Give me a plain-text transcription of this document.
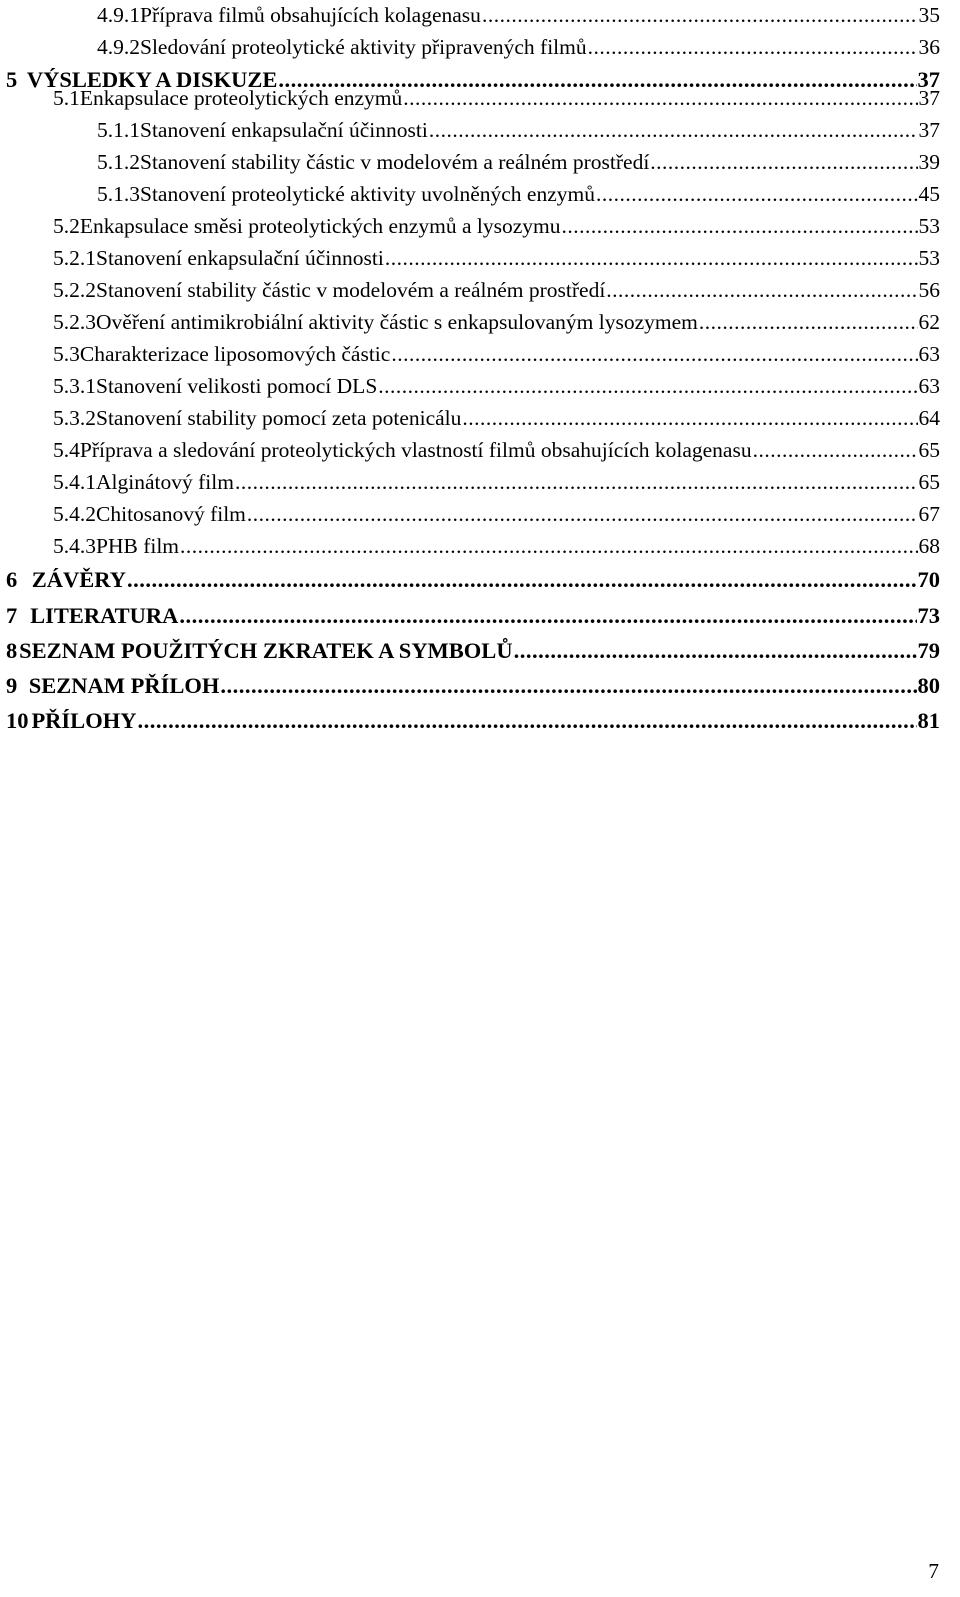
4.9.1 Příprava filmů obsahujících kolagenasu .....	35
4.9.2 Sledování proteolytické aktivity připravených filmů .....	36
5 VÝSLEDKY A DISKUZE .....	37
5.1 Enkapsulace proteolytických enzymů .....	37
5.1.1 Stanovení enkapsulační účinnosti .....	37
5.1.2 Stanovení stability částic v modelovém a reálném prostředí .....	39
5.1.3 Stanovení proteolytické aktivity uvolněných enzymů .....	45
5.2 Enkapsulace směsi proteolytických enzymů a lysozymu .....	53
5.2.1 Stanovení enkapsulační účinnosti .....	53
5.2.2 Stanovení stability částic v modelovém a reálném prostředí .....	56
5.2.3 Ověření antimikrobiální aktivity částic s enkapsulovaným lysozymem .....	62
5.3 Charakterizace liposomových částic .....	63
5.3.1 Stanovení velikosti pomocí DLS .....	63
5.3.2 Stanovení stability pomocí zeta potenicálu .....	64
5.4 Příprava a sledování proteolytických vlastností filmů obsahujících kolagenasu .....	65
5.4.1 Alginátový film .....	65
5.4.2 Chitosanový film .....	67
5.4.3 PHB film .....	68
6 ZÁVĚRY .....	70
7 LITERATURA .....	73
8 SEZNAM POUŽITÝCH ZKRATEK A SYMBOLŮ .....	79
9 SEZNAM PŘÍLOH .....	80
10 PŘÍLOHY .....	81
7
